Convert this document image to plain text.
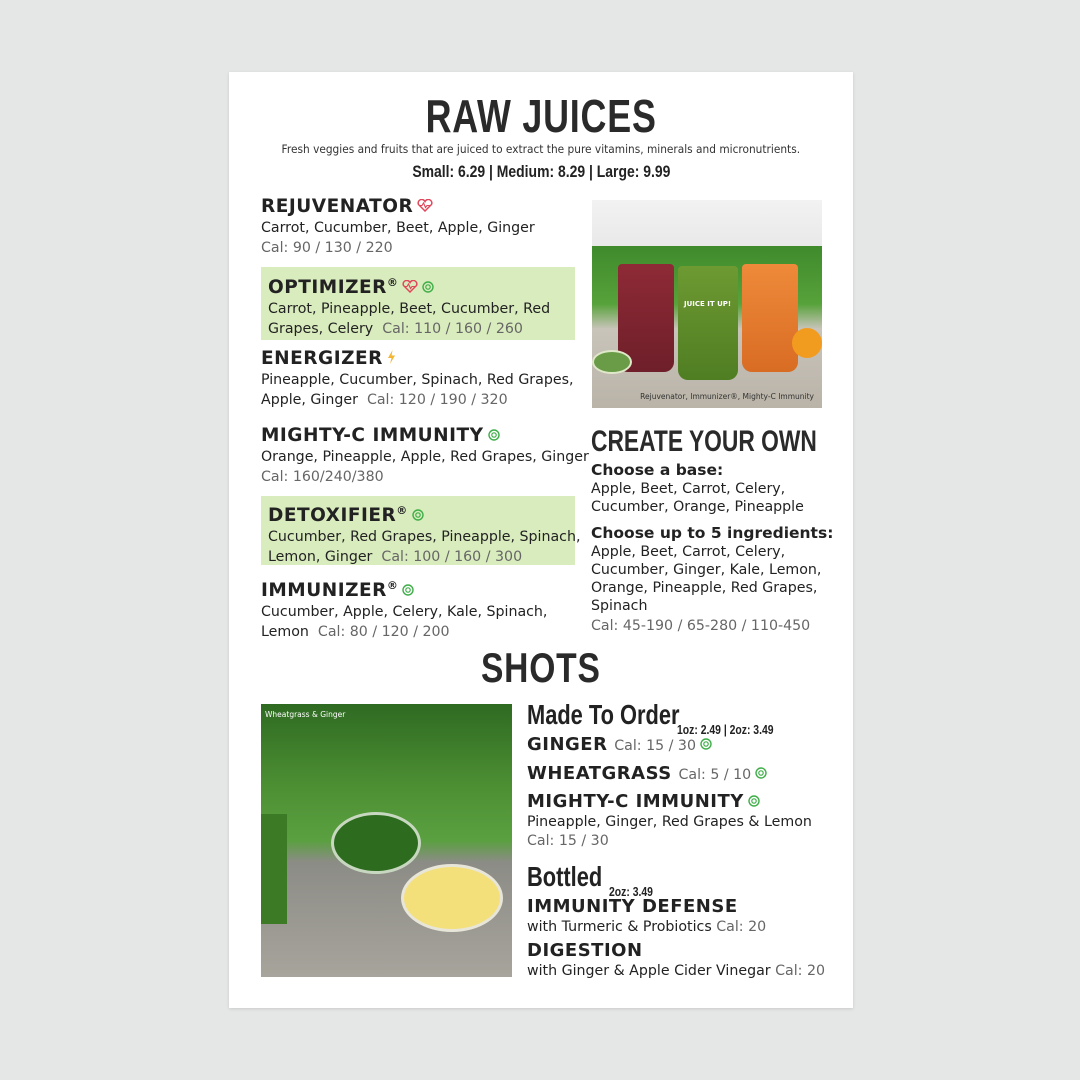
RAW JUICES
Fresh veggies and fruits that are juiced to extract the pure vitamins, minerals and micronutrients.
Small: 6.29 | Medium: 8.29 | Large: 9.99
REJUVENATOR
Carrot, Cucumber, Beet, Apple, Ginger
Cal: 90 / 130 / 220
OPTIMIZER®
Carrot, Pineapple, Beet, Cucumber, Red
Grapes, Celery Cal: 110 / 160 / 260
ENERGIZER
Pineapple, Cucumber, Spinach, Red Grapes,
Apple, Ginger Cal: 120 / 190 / 320
MIGHTY-C IMMUNITY
Orange, Pineapple, Apple, Red Grapes, Ginger
Cal: 160/240/380
DETOXIFIER®
Cucumber, Red Grapes, Pineapple, Spinach,
Lemon, Ginger Cal: 100 / 160 / 300
IMMUNIZER®
Cucumber, Apple, Celery, Kale, Spinach,
Lemon Cal: 80 / 120 / 200
JUICE IT UP!
Rejuvenator, Immunizer®, Mighty-C Immunity
CREATE YOUR OWN
Choose a base:
Apple, Beet, Carrot, Celery,
Cucumber, Orange, Pineapple
Choose up to 5 ingredients:
Apple, Beet, Carrot, Celery,
Cucumber, Ginger, Kale, Lemon,
Orange, Pineapple, Red Grapes,
Spinach
Cal: 45-190 / 65-280 / 110-450
SHOTS
Wheatgrass & Ginger	Made To Order1oz: 2.49 | 2oz: 3.49
GINGER Cal: 15 / 30
WHEATGRASS Cal: 5 / 10
MIGHTY-C IMMUNITY
Pineapple, Ginger, Red Grapes & Lemon
Cal: 15 / 30
Bottled 2oz: 3.49
IMMUNITY DEFENSE
with Turmeric & Probiotics Cal: 20
DIGESTION
with Ginger & Apple Cider Vinegar Cal: 20
